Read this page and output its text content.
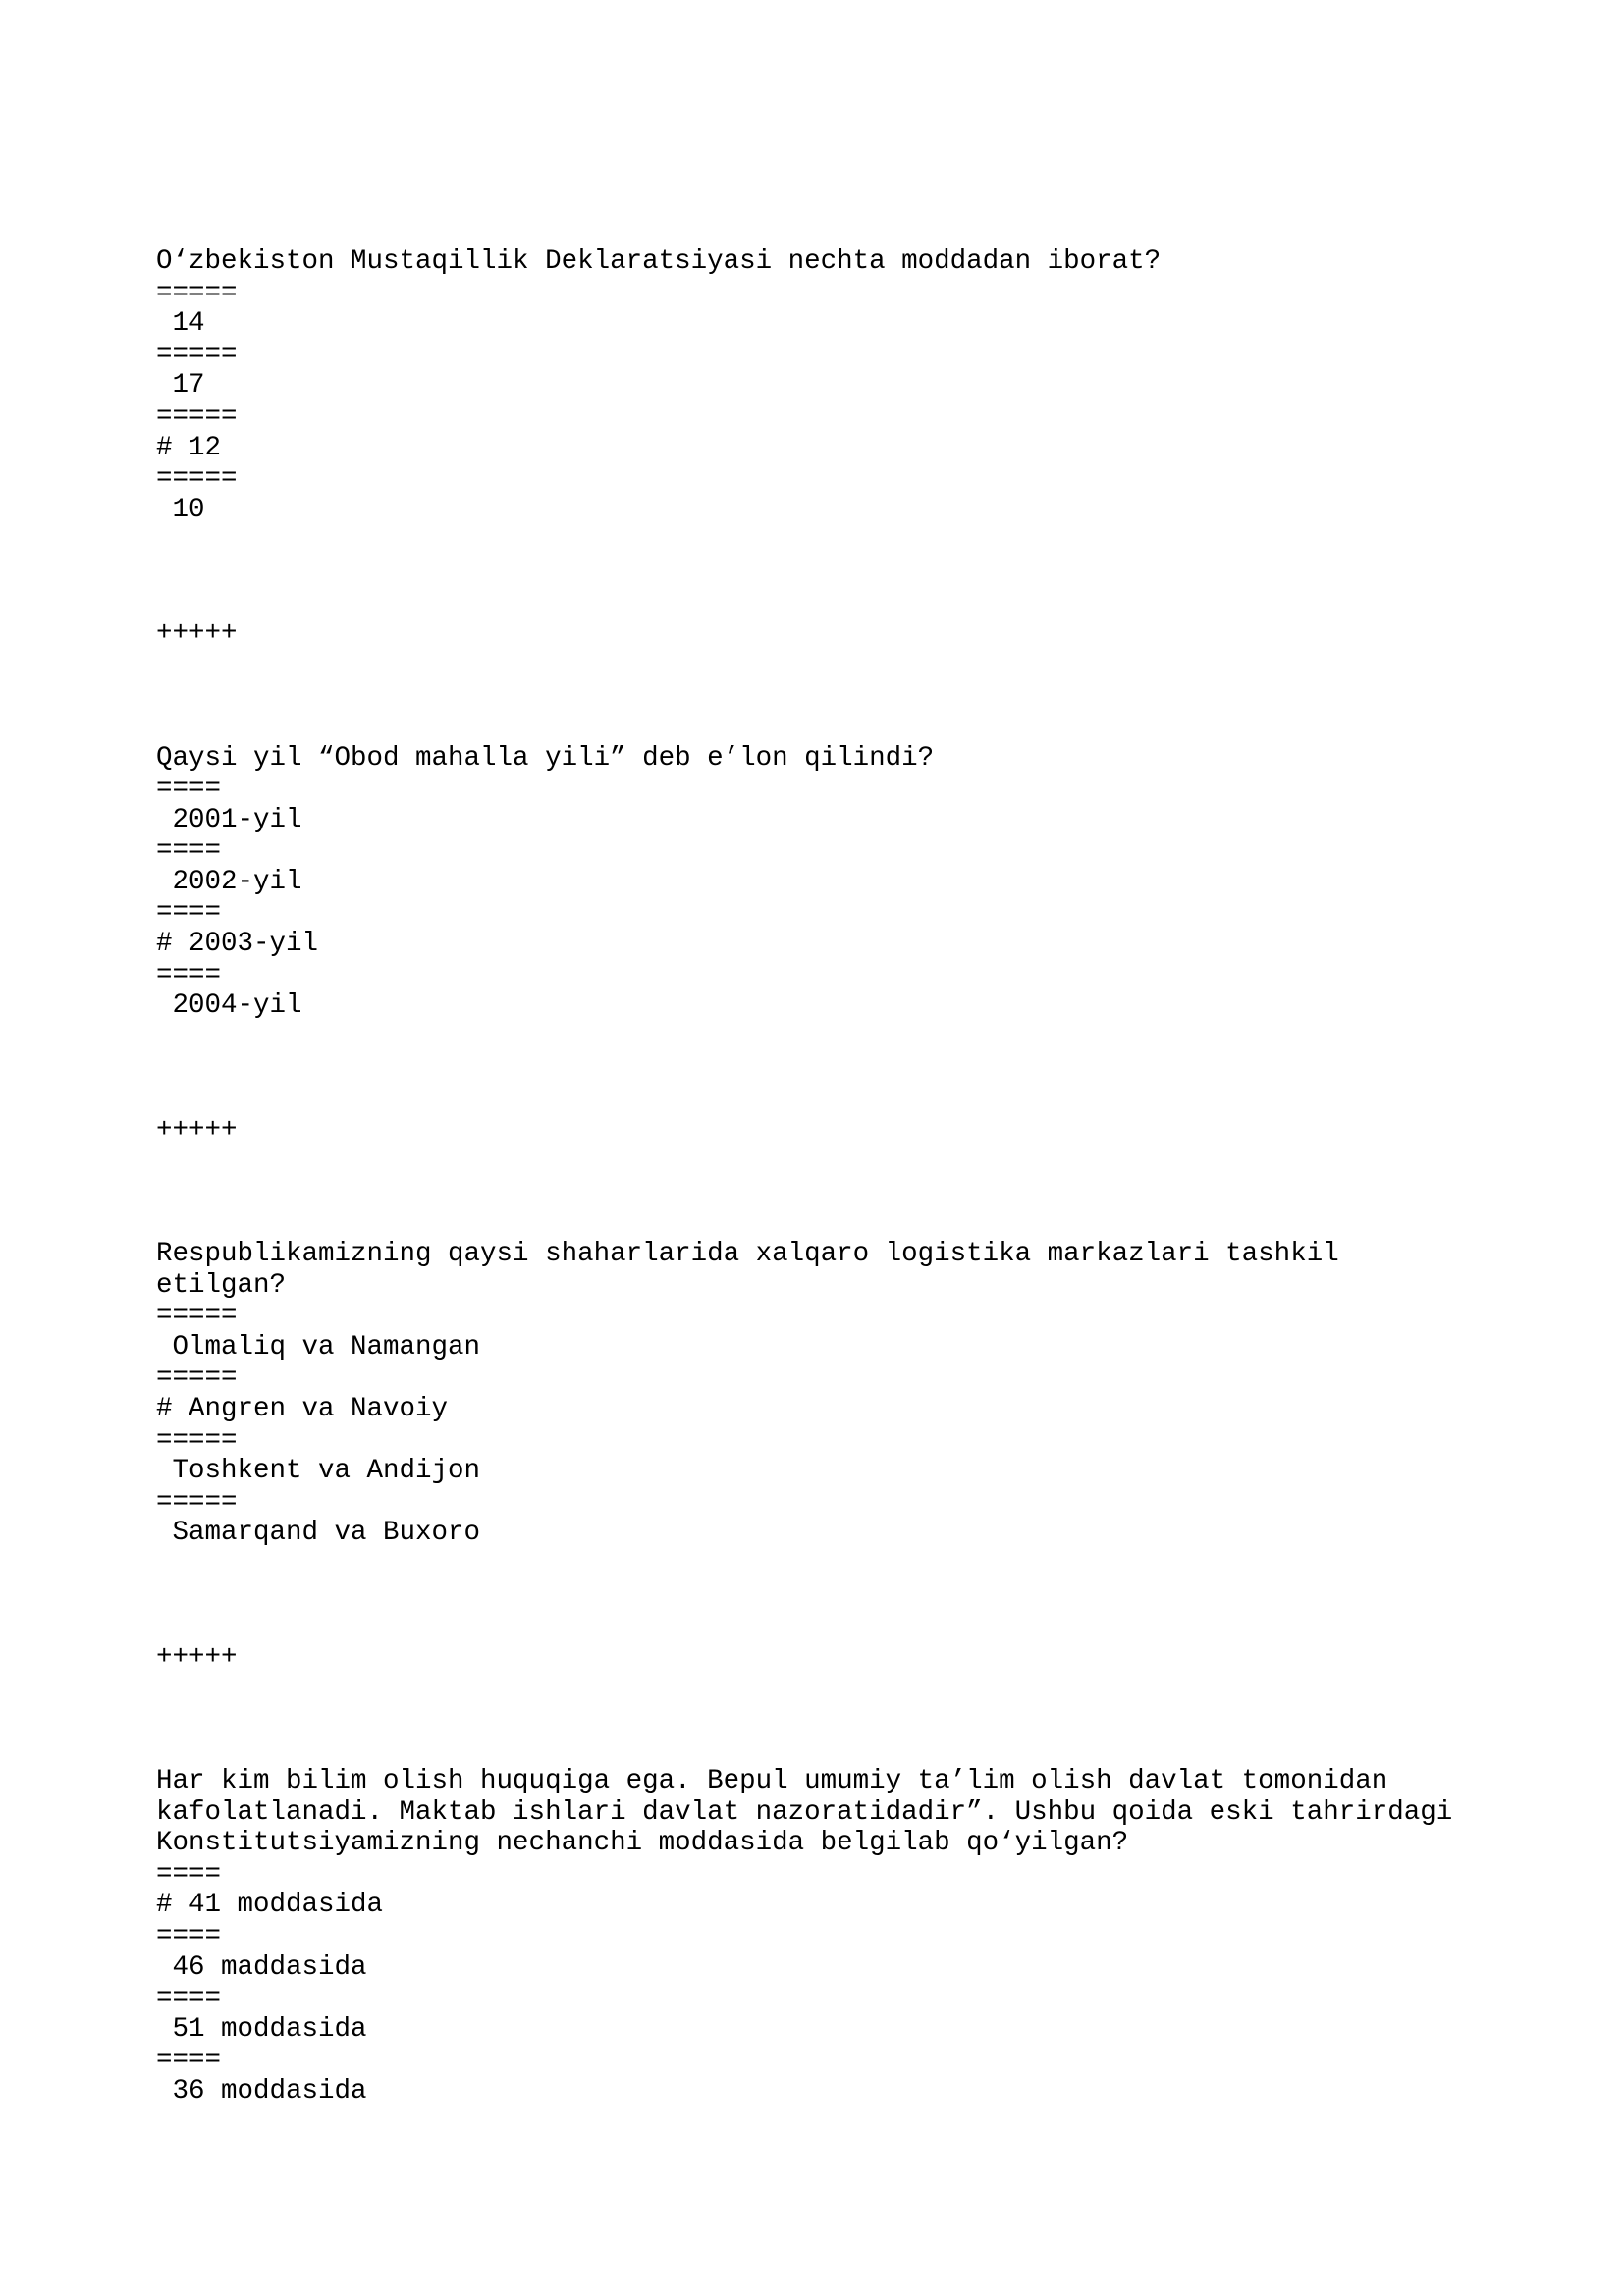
O‘zbekiston Mustaqillik Deklaratsiyasi nechta moddadan iborat?
=====
14
=====
17
=====
# 12
=====
10
+++++
Qaysi yil “Obod mahalla yili” deb e’lon qilindi?
====
2001-yil
====
2002-yil
====
# 2003-yil
====
2004-yil
+++++
Respublikamizning qaysi shaharlarida xalqaro logistika markazlari tashkil
etilgan?
=====
Olmaliq va Namangan
=====
# Angren va Navoiy
=====
Toshkent va Andijon
=====
Samarqand va Buxoro
+++++
Har kim bilim olish huquqiga ega. Bepul umumiy ta’lim olish davlat tomonidan
kafolatlanadi. Maktab ishlari davlat nazoratidadir”. Ushbu qoida eski tahrirdagi
Konstitutsiyamizning nechanchi moddasida belgilab qo‘yilgan?
====
# 41 moddasida
====
46 maddasida
====
51 moddasida
====
36 moddasida
